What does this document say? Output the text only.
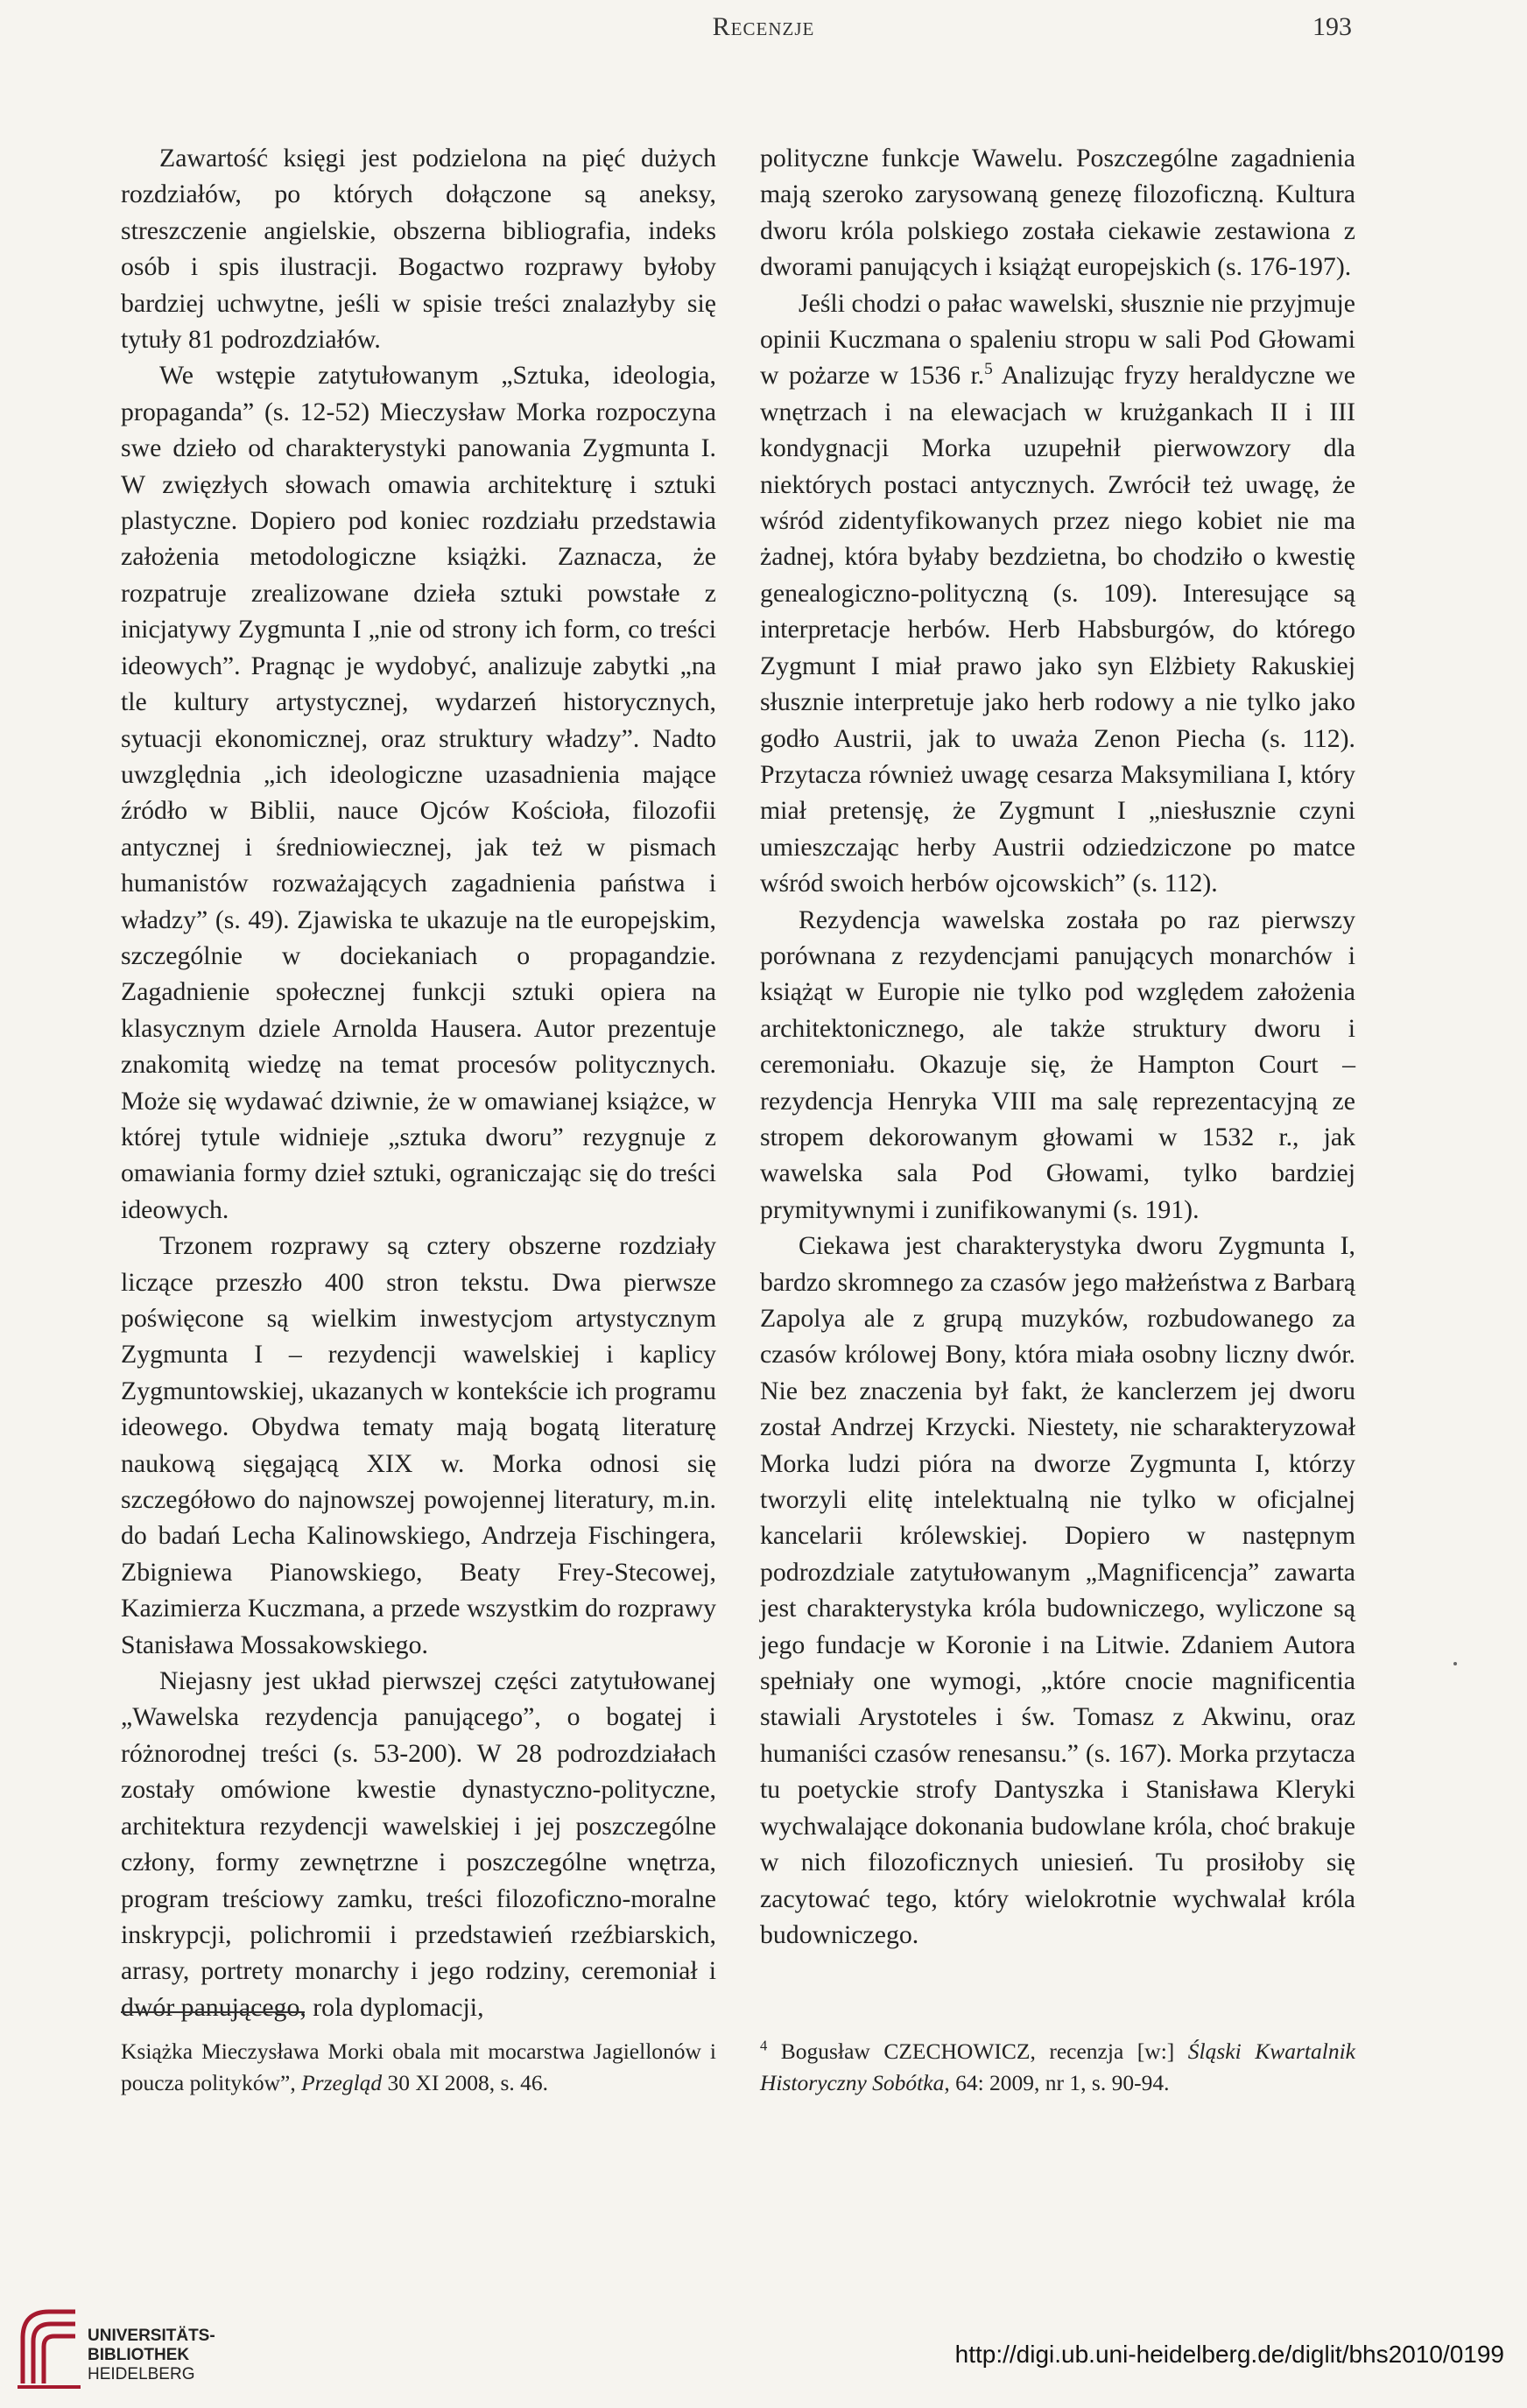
Recenzje	193

Zawartość księgi jest podzielona na pięć dużych rozdziałów, po których dołączone są aneksy, streszczenie angielskie, obszerna bibliografia, indeks osób i spis ilustracji. Bogactwo rozprawy byłoby bardziej uchwytne, jeśli w spisie treści znalazłyby się tytuły 81 podrozdziałów.

We wstępie zatytułowanym „Sztuka, ideologia, propaganda” (s. 12-52) Mieczysław Morka rozpoczyna swe dzieło od charakterystyki panowania Zygmunta I. W zwięzłych słowach omawia architekturę i sztuki plastyczne. Dopiero pod koniec rozdziału przedstawia założenia metodologiczne książki. Zaznacza, że rozpatruje zrealizowane dzieła sztuki powstałe z inicjatywy Zygmunta I „nie od strony ich form, co treści ideowych”. Pragnąc je wydobyć, analizuje zabytki „na tle kultury artystycznej, wydarzeń historycznych, sytuacji ekonomicznej, oraz struktury władzy”. Nadto uwzględnia „ich ideologiczne uzasadnienia mające źródło w Biblii, nauce Ojców Kościoła, filozofii antycznej i średniowiecznej, jak też w pismach humanistów rozważających zagadnienia państwa i władzy” (s. 49). Zjawiska te ukazuje na tle europejskim, szczególnie w dociekaniach o propagandzie. Zagadnienie społecznej funkcji sztuki opiera na klasycznym dziele Arnolda Hausera. Autor prezentuje znakomitą wiedzę na temat procesów politycznych. Może się wydawać dziwnie, że w omawianej książce, w której tytule widnieje „sztuka dworu” rezygnuje z omawiania formy dzieł sztuki, ograniczając się do treści ideowych.

Trzonem rozprawy są cztery obszerne rozdziały liczące przeszło 400 stron tekstu. Dwa pierwsze poświęcone są wielkim inwestycjom artystycznym Zygmunta I – rezydencji wawelskiej i kaplicy Zygmuntowskiej, ukazanych w kontekście ich programu ideowego. Obydwa tematy mają bogatą literaturę naukową sięgającą XIX w. Morka odnosi się szczegółowo do najnowszej powojennej literatury, m.in. do badań Lecha Kalinowskiego, Andrzeja Fischingera, Zbigniewa Pianowskiego, Beaty Frey-Stecowej, Kazimierza Kuczmana, a przede wszystkim do rozprawy Stanisława Mossakowskiego.

Niejasny jest układ pierwszej części zatytułowanej „Wawelska rezydencja panującego”, o bogatej i różnorodnej treści (s. 53-200). W 28 podrozdziałach zostały omówione kwestie dynastyczno-polityczne, architektura rezydencji wawelskiej i jej poszczególne człony, formy zewnętrzne i poszczególne wnętrza, program treściowy zamku, treści filozoficzno-moralne inskrypcji, polichromii i przedstawień rzeźbiarskich, arrasy, portrety monarchy i jego rodziny, ceremoniał i dwór panującego, rola dyplomacji,

polityczne funkcje Wawelu. Poszczególne zagadnienia mają szeroko zarysowaną genezę filozoficzną. Kultura dworu króla polskiego została ciekawie zestawiona z dworami panujących i książąt europejskich (s. 176-197).

Jeśli chodzi o pałac wawelski, słusznie nie przyjmuje opinii Kuczmana o spaleniu stropu w sali Pod Głowami w pożarze w 1536 r.$^5$ Analizując fryzy heraldyczne we wnętrzach i na elewacjach w krużgankach II i III kondygnacji Morka uzupełnił pierwowzory dla niektórych postaci antycznych. Zwrócił też uwagę, że wśród zidentyfikowanych przez niego kobiet nie ma żadnej, która byłaby bezdzietna, bo chodziło o kwestię genealogiczno-polityczną (s. 109). Interesujące są interpretacje herbów. Herb Habsburgów, do którego Zygmunt I miał prawo jako syn Elżbiety Rakuskiej słusznie interpretuje jako herb rodowy a nie tylko jako godło Austrii, jak to uważa Zenon Piecha (s. 112). Przytacza również uwagę cesarza Maksymiliana I, który miał pretensję, że Zygmunt I „niesłusznie czyni umieszczając herby Austrii odziedziczone po matce wśród swoich herbów ojcowskich” (s. 112).

Rezydencja wawelska została po raz pierwszy porównana z rezydencjami panujących monarchów i książąt w Europie nie tylko pod względem założenia architektonicznego, ale także struktury dworu i ceremoniału. Okazuje się, że Hampton Court – rezydencja Henryka VIII ma salę reprezentacyjną ze stropem dekorowanym głowami w 1532 r., jak wawelska sala Pod Głowami, tylko bardziej prymitywnymi i zunifikowanymi (s. 191).

Ciekawa jest charakterystyka dworu Zygmunta I, bardzo skromnego za czasów jego małżeństwa z Barbarą Zapolya ale z grupą muzyków, rozbudowanego za czasów królowej Bony, która miała osobny liczny dwór. Nie bez znaczenia był fakt, że kanclerzem jej dworu został Andrzej Krzycki. Niestety, nie scharakteryzował Morka ludzi pióra na dworze Zygmunta I, którzy tworzyli elitę intelektualną nie tylko w oficjalnej kancelarii królewskiej. Dopiero w następnym podrozdziale zatytułowanym „Magnificencja” zawarta jest charakterystyka króla budowniczego, wyliczone są jego fundacje w Koronie i na Litwie. Zdaniem Autora spełniały one wymogi, „które cnocie magnificentia stawiali Arystoteles i św. Tomasz z Akwinu, oraz humaniści czasów renesansu.” (s. 167). Morka przytacza tu poetyckie strofy Dantyszka i Stanisława Kleryki wychwalające dokonania budowlane króla, choć brakuje w nich filozoficznych uniesień. Tu prosiłoby się zacytować tego, który wielokrotnie wychwalał króla budowniczego.

Książka Mieczysława Morki obala mit mocarstwa Jagiellonów i poucza polityków”, Przegląd 30 XI 2008, s. 46.
$^4$ Bogusław CZECHOWICZ, recenzja [w:] Śląski Kwartalnik Historyczny Sobótka, 64: 2009, nr 1, s. 90-94.
UNIVERSITÄTS-
BIBLIOTHEK
HEIDELBERG
http://digi.ub.uni-heidelberg.de/diglit/bhs2010/0199
